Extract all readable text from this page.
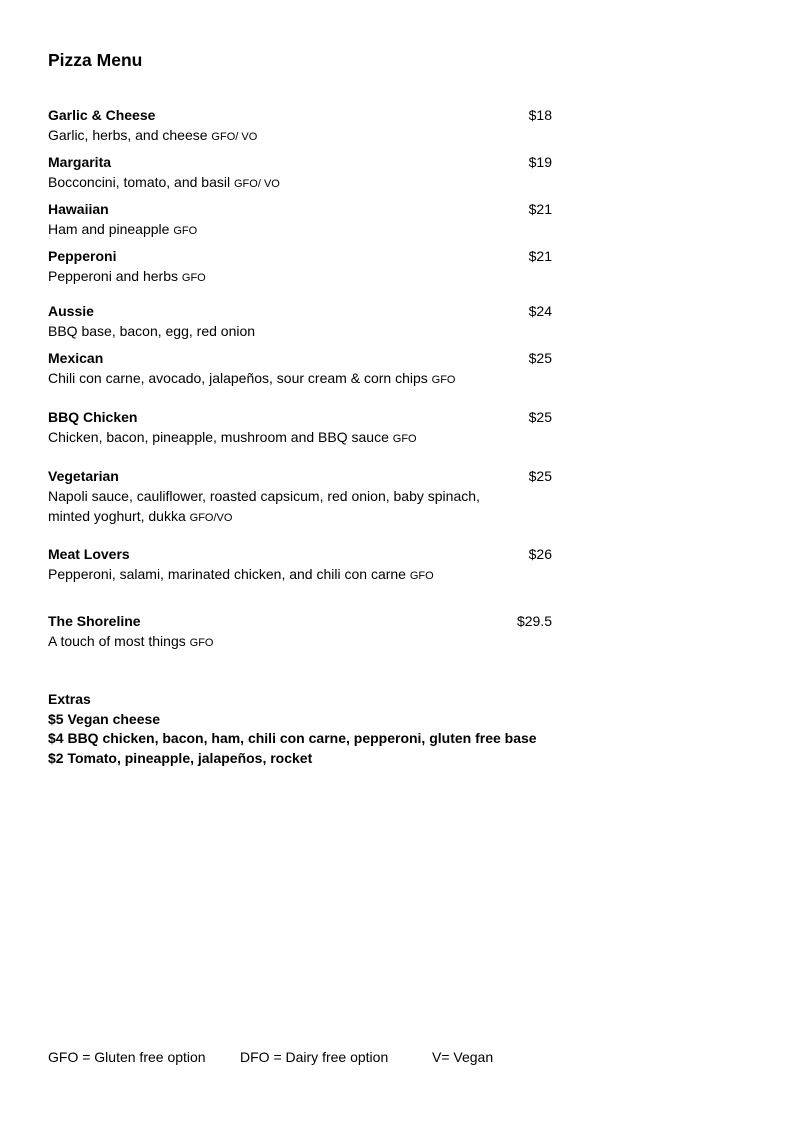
Pizza Menu
Garlic & Cheese	$18
Garlic, herbs, and cheese GFO/ VO
Margarita	$19
Bocconcini, tomato, and basil GFO/ VO
Hawaiian	$21
Ham and pineapple GFO
Pepperoni	$21
Pepperoni and herbs GFO
Aussie	$24
BBQ base, bacon, egg, red onion
Mexican	$25
Chili con carne, avocado, jalapeños, sour cream & corn chips GFO
BBQ Chicken	$25
Chicken, bacon, pineapple, mushroom and BBQ sauce GFO
Vegetarian	$25
Napoli sauce, cauliflower, roasted capsicum, red onion, baby spinach, minted yoghurt, dukka GFO/VO
Meat Lovers	$26
Pepperoni, salami, marinated chicken, and chili con carne GFO
The Shoreline	$29.5
A touch of most things GFO
Extras
$5 Vegan cheese
$4 BBQ chicken, bacon, ham, chili con carne, pepperoni, gluten free base
$2 Tomato, pineapple, jalapeños, rocket
GFO = Gluten free option DFO = Dairy free option	V= Vegan
